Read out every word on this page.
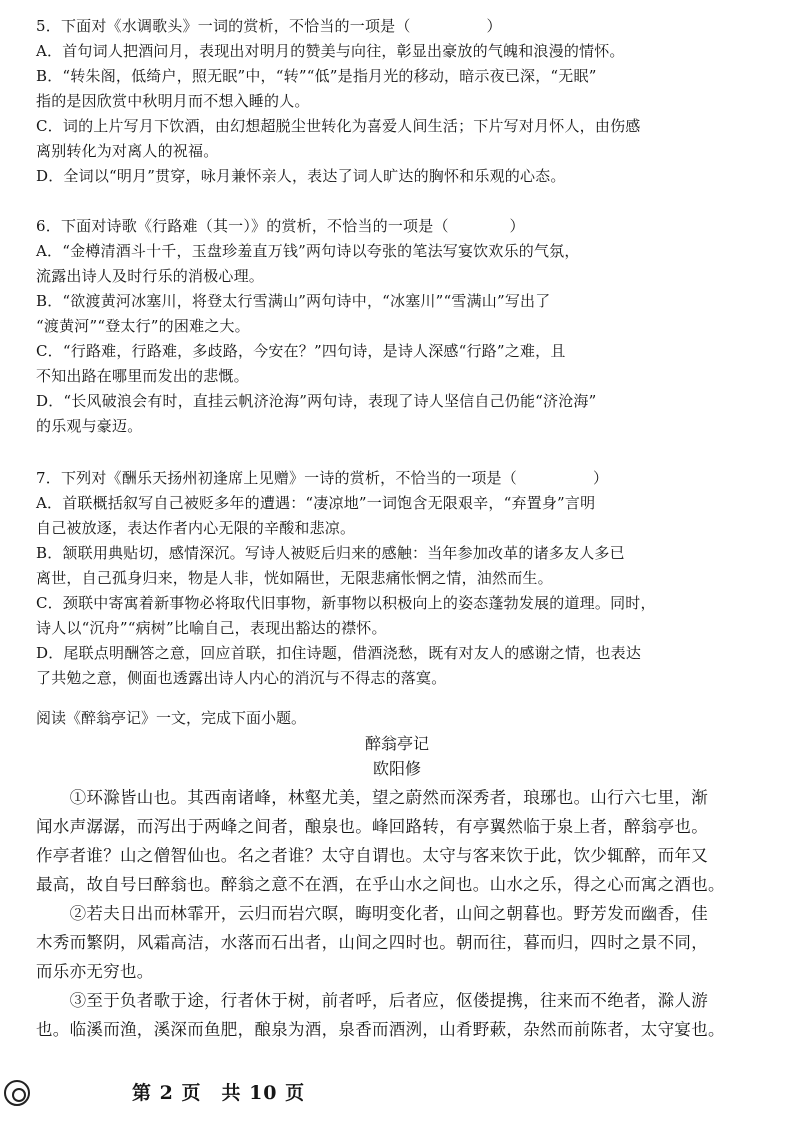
5．下面对《水调歌头》一词的赏析，不恰当的一项是（　　　　　）
A．首句词人把酒问月，表现出对明月的赞美与向往，彰显出豪放的气魄和浪漫的情怀。
B．“转朱阁，低绮户，照无眠”中，“转”“低”是指月光的移动，暗示夜已深，“无眠”
指的是因欣赏中秋明月而不想入睡的人。
C．词的上片写月下饮酒，由幻想超脱尘世转化为喜爱人间生活；下片写对月怀人，由伤感
离别转化为对离人的祝福。
D．全词以“明月”贯穿，咏月兼怀亲人，表达了词人旷达的胸怀和乐观的心态。
6．下面对诗歌《行路难（其一）》的赏析，不恰当的一项是（　　　　）
A．“金樽清酒斗十千，玉盘珍羞直万钱”两句诗以夸张的笔法写宴饮欢乐的气氛，
流露出诗人及时行乐的消极心理。
B．“欲渡黄河冰塞川，将登太行雪满山”两句诗中，“冰塞川”“雪满山”写出了
“渡黄河”“登太行”的困难之大。
C．“行路难，行路难，多歧路，今安在？”四句诗，是诗人深感“行路”之难，且
不知出路在哪里而发出的悲慨。
D．“长风破浪会有时，直挂云帆济沧海”两句诗，表现了诗人坚信自己仍能“济沧海”
的乐观与豪迈。
7．下列对《酬乐天扬州初逢席上见赠》一诗的赏析，不恰当的一项是（　　　　　）
A．首联概括叙写自己被贬多年的遭遇：“凄凉地”一词饱含无限艰辛，“弃置身”言明
自己被放逐，表达作者内心无限的辛酸和悲凉。
B．颔联用典贴切，感情深沉。写诗人被贬后归来的感触：当年参加改革的诸多友人多已
离世，自己孤身归来，物是人非，恍如隔世，无限悲痛怅惘之情，油然而生。
C．颈联中寄寓着新事物必将取代旧事物，新事物以积极向上的姿态蓬勃发展的道理。同时，
诗人以“沉舟”“病树”比喻自己，表现出豁达的襟怀。
D．尾联点明酬答之意，回应首联，扣住诗题，借酒浇愁，既有对友人的感谢之情，也表达
了共勉之意，侧面也透露出诗人内心的消沉与不得志的落寞。
阅读《醉翁亭记》一文，完成下面小题。
醉翁亭记
欧阳修
　　①环滁皆山也。其西南诸峰，林壑尤美，望之蔚然而深秀者，琅琊也。山行六七里，渐
闻水声潺潺，而泻出于两峰之间者，酿泉也。峰回路转，有亭翼然临于泉上者，醉翁亭也。
作亭者谁？山之僧智仙也。名之者谁？太守自谓也。太守与客来饮于此，饮少辄醉，而年又
最高，故自号曰醉翁也。醉翁之意不在酒，在乎山水之间也。山水之乐，得之心而寓之酒也。
　　②若夫日出而林霏开，云归而岩穴暝，晦明变化者，山间之朝暮也。野芳发而幽香，佳
木秀而繁阴，风霜高洁，水落而石出者，山间之四时也。朝而往，暮而归，四时之景不同，
而乐亦无穷也。
　　③至于负者歌于途，行者休于树，前者呼，后者应，伛偻提携，往来而不绝者，滁人游
也。临溪而渔，溪深而鱼肥，酿泉为酒，泉香而酒洌，山肴野蔌，杂然而前陈者，太守宴也。
第 2 页　共 10 页
